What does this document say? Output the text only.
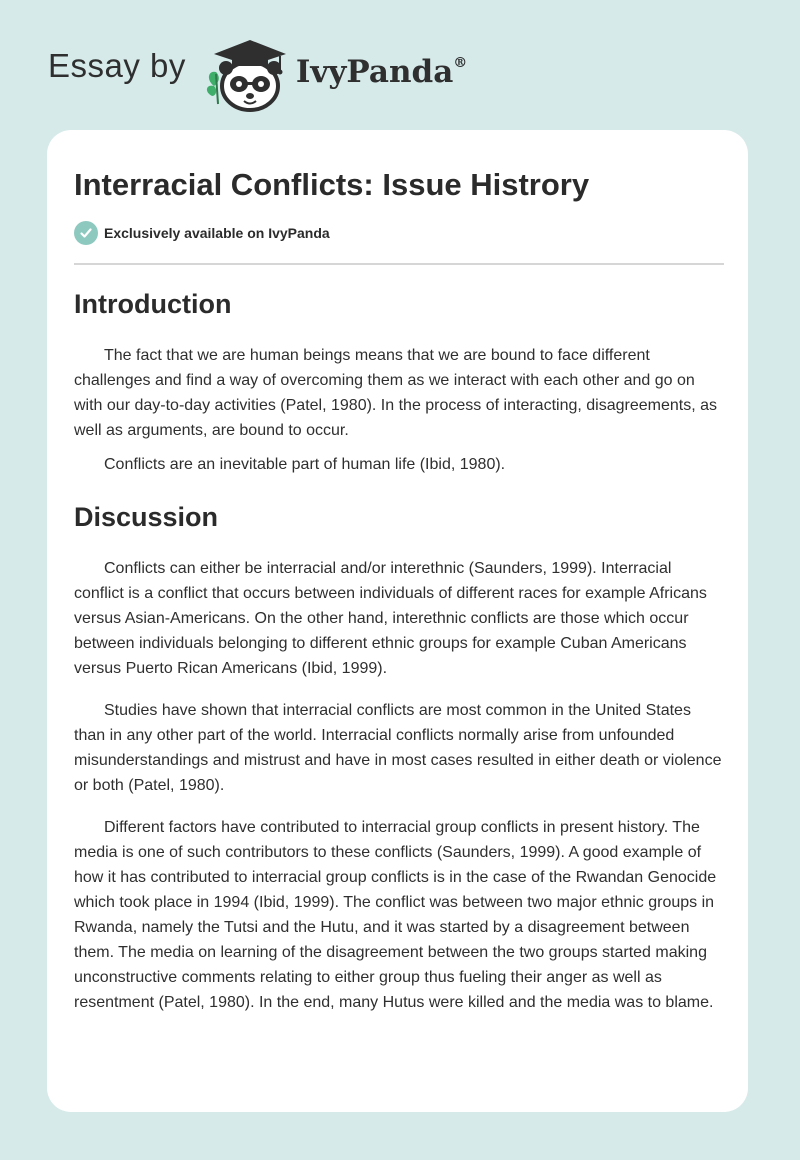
Essay by	IvyPanda®
Interracial Conflicts: Issue Histrory
Exclusively available on IvyPanda
Introduction

The fact that we are human beings means that we are bound to face different challenges and find a way of overcoming them as we interact with each other and go on with our day-to-day activities (Patel, 1980). In the process of interacting, disagreements, as well as arguments, are bound to occur.

Conflicts are an inevitable part of human life (Ibid, 1980).

Discussion

Conflicts can either be interracial and/or interethnic (Saunders, 1999). Interracial conflict is a conflict that occurs between individuals of different races for example Africans versus Asian-Americans. On the other hand, interethnic conflicts are those which occur between individuals belonging to different ethnic groups for example Cuban Americans versus Puerto Rican Americans (Ibid, 1999).

Studies have shown that interracial conflicts are most common in the United States than in any other part of the world. Interracial conflicts normally arise from unfounded misunderstandings and mistrust and have in most cases resulted in either death or violence or both (Patel, 1980).

Different factors have contributed to interracial group conflicts in present history. The media is one of such contributors to these conflicts (Saunders, 1999). A good example of how it has contributed to interracial group conflicts is in the case of the Rwandan Genocide which took place in 1994 (Ibid, 1999). The conflict was between two major ethnic groups in Rwanda, namely the Tutsi and the Hutu, and it was started by a disagreement between them. The media on learning of the disagreement between the two groups started making unconstructive comments relating to either group thus fueling their anger as well as resentment (Patel, 1980). In the end, many Hutus were killed and the media was to blame.
